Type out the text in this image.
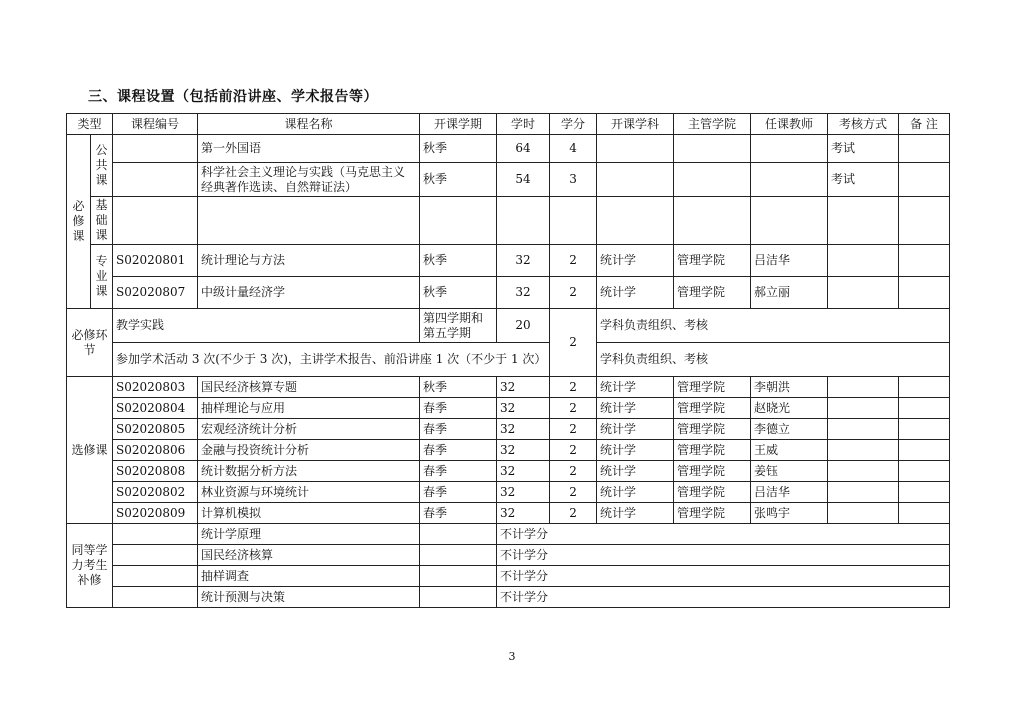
三、课程设置（包括前沿讲座、学术报告等）
类型		课程编号	课程名称	开课学期	学时	学分	开课学科	主管学院	任课教师	考核方式	备 注
必修课	公共课		第一外国语	秋季	64	4				考试	
			科学社会主义理论与实践（马克思主义经典著作选读、自然辩证法）	秋季	54	3				考试	
	基础课										
	专业课	S02020801	统计理论与方法	秋季	32	2	统计学	管理学院	吕洁华		
		S02020807	中级计量经济学	秋季	32	2	统计学	管理学院	郝立丽		
必修环节		教学实践		第四学期和第五学期	20	2	学科负责组织、考核				
		参加学术活动 3 次(不少于 3 次)，主讲学术报告、前沿讲座 1 次（不少于 1 次）					学科负责组织、考核				
选修课		S02020803	国民经济核算专题	秋季	32	2	统计学	管理学院	李朝洪		
		S02020804	抽样理论与应用	春季	32	2	统计学	管理学院	赵晓光		
		S02020805	宏观经济统计分析	春季	32	2	统计学	管理学院	李德立		
		S02020806	金融与投资统计分析	春季	32	2	统计学	管理学院	王威		
		S02020808	统计数据分析方法	春季	32	2	统计学	管理学院	姜钰		
		S02020802	林业资源与环境统计	春季	32	2	统计学	管理学院	吕洁华		
		S02020809	计算机模拟	春季	32	2	统计学	管理学院	张鸣宇		
同等学力考生补修			统计学原理		不计学分						
			国民经济核算		不计学分						
			抽样调查		不计学分						
			统计预测与决策		不计学分						
3
